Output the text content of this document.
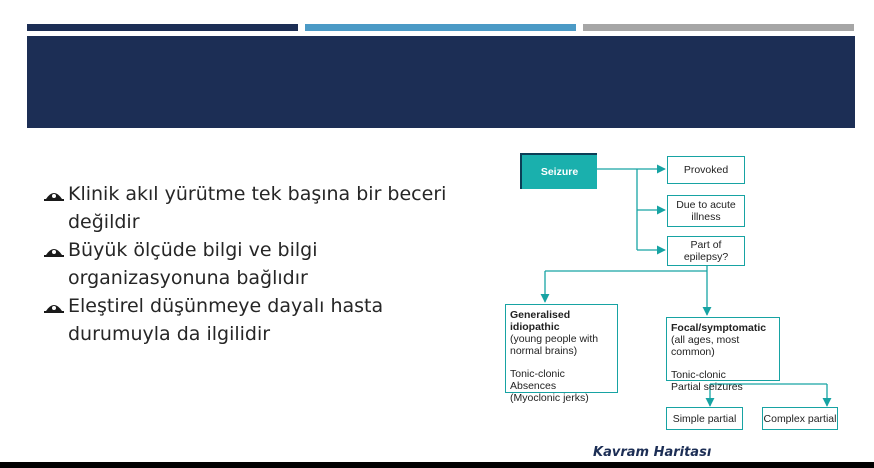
Klinik akıl yürütme tek başına bir beceri
değildir

Büyük ölçüde bilgi ve bilgi
organizasyonuna bağlıdır

Eleştirel düşünmeye dayalı hasta
durumuyla da ilgilidir

Seizure	Provoked
Due to acute
illness
Part of
epilepsy?
Generalised idiopathic
(young people with
normal brains)
Tonic-clonic
Absences
(Myoclonic jerks)
Focal/symptomatic
(all ages, most common)
Tonic-clonic
Partial seizures
Simple partial	Complex partial
Kavram Haritası
